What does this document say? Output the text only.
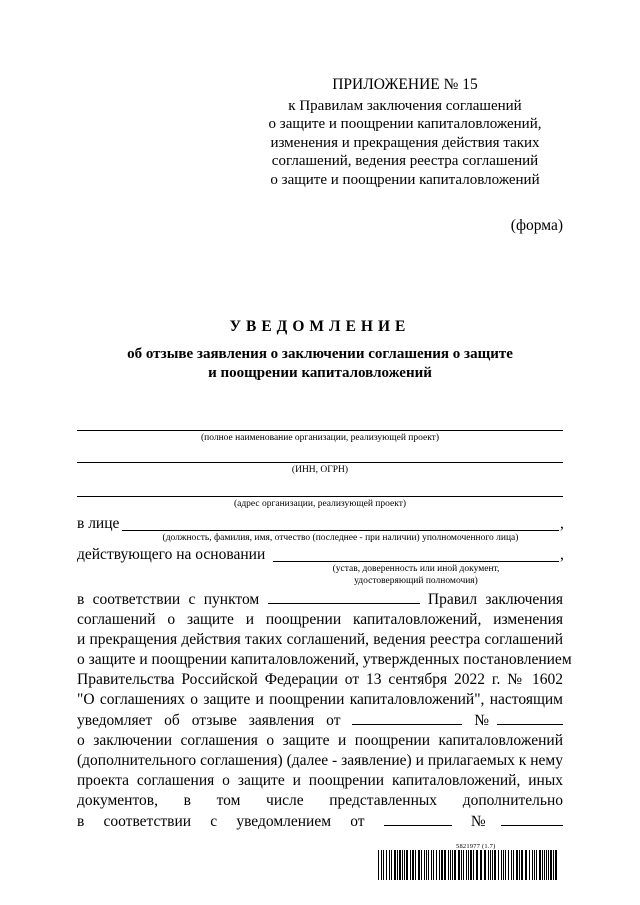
ПРИЛОЖЕНИЕ № 15
к Правилам заключения соглашений
о защите и поощрении капиталовложений,
изменения и прекращения действия таких
соглашений, ведения реестра соглашений
о защите и поощрении капиталовложений
(форма)
УВЕДОМЛЕНИЕ
об отзыве заявления о заключении соглашения о защите
и поощрении капиталовложений
(полное наименование организации, реализующей проект)
(ИНН, ОГРН)
(адрес организации, реализующей проект)
в лице	,
(должность, фамилия, имя, отчество (последнее - при наличии) уполномоченного лица)
действующего на основании	,
(устав, доверенность или иной документ,
удостоверяющий полномочия)
в соответствии с пунктом	Правил заключения
соглашений о защите и поощрении капиталовложений, изменения
и прекращения действия таких соглашений, ведения реестра соглашений
о защите и поощрении капиталовложений, утвержденных постановлением
Правительства Российской Федерации от 13 сентября 2022 г. № 1602
"О соглашениях о защите и поощрении капиталовложений", настоящим
уведомляет об отзыве заявления от	№
о заключении соглашения о защите и поощрении капиталовложений
(дополнительного соглашения) (далее - заявление) и прилагаемых к нему
проекта соглашения о защите и поощрении капиталовложений, иных
документов, в том числе представленных дополнительно
в соответствии с уведомлением от	№
5821977 (1.7)
